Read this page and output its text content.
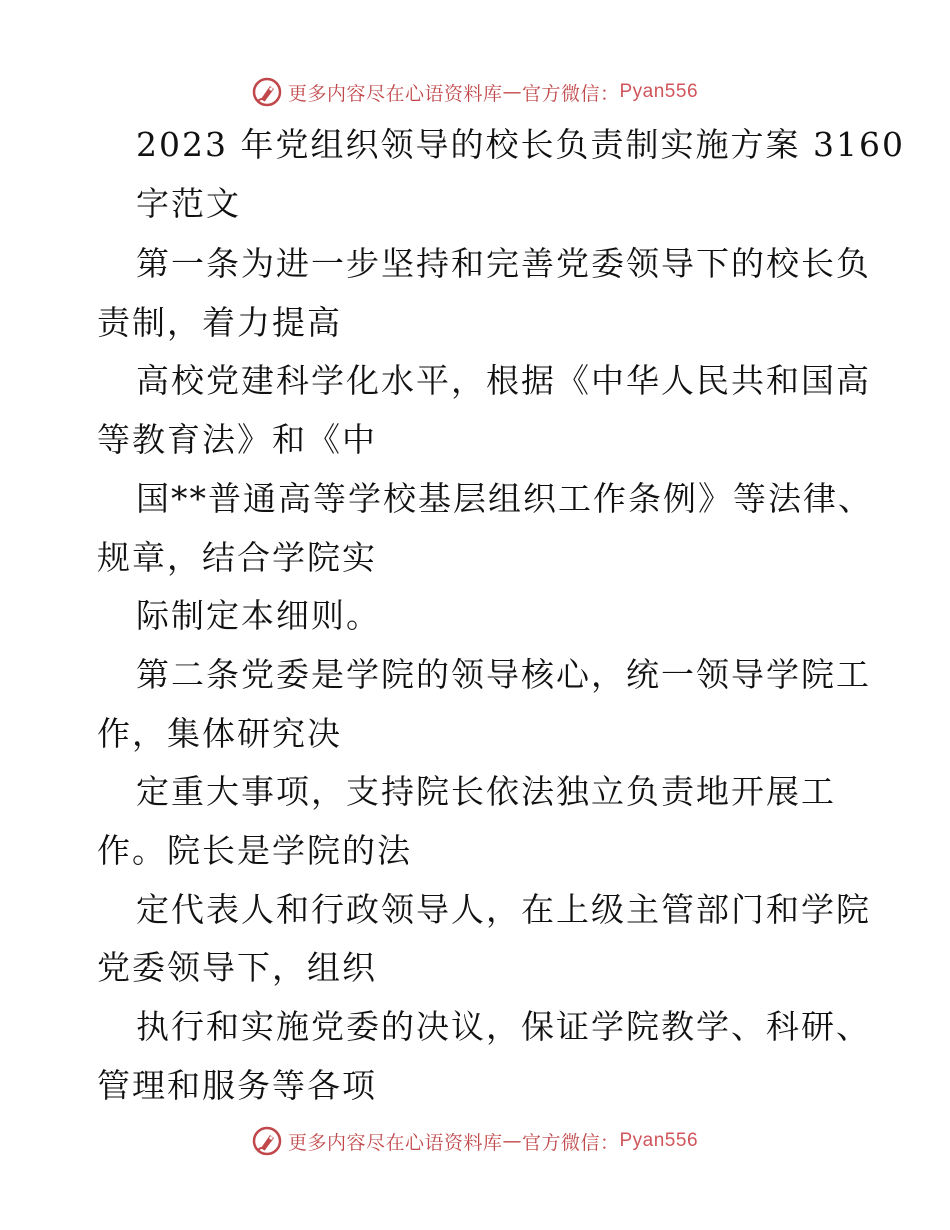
更多内容尽在心语资料库 — 官方微信： Pyan556
2023 年党组织领导的校长负责制实施方案 3160
字范文
第一条为进一步坚持和完善党委领导下的校长负
责制，着力提高
高校党建科学化水平，根据《中华人民共和国高
等教育法》和《中
国**普通高等学校基层组织工作条例》等法律、
规章，结合学院实
际制定本细则。
第二条党委是学院的领导核心，统一领导学院工
作，集体研究决
定重大事项，支持院长依法独立负责地开展工
作。院长是学院的法
定代表人和行政领导人，在上级主管部门和学院
党委领导下，组织
执行和实施党委的决议，保证学院教学、科研、
管理和服务等各项
更多内容尽在心语资料库 — 官方微信： Pyan556
